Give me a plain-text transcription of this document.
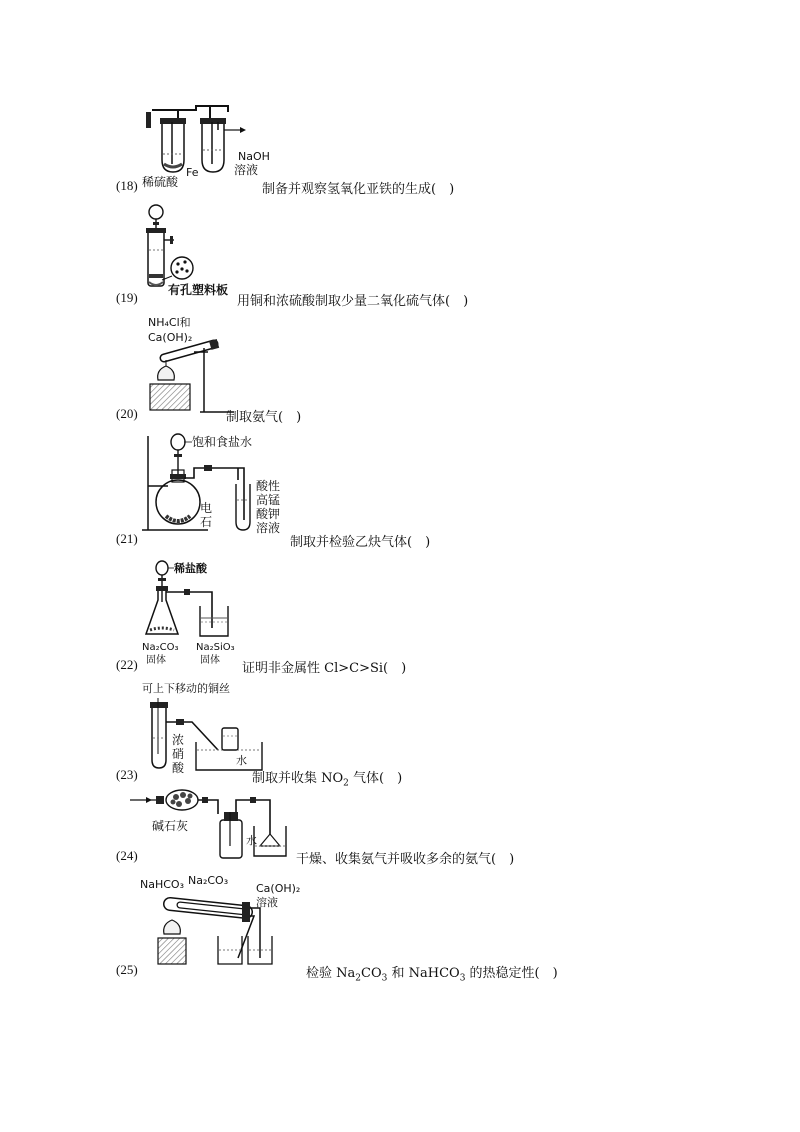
NaOH
溶液
Fe
稀硫酸
(18)	制备并观察氢氧化亚铁的生成( )
有孔塑料板
(19)	用铜和浓硫酸制取少量二氧化硫气体( )
NH₄Cl和
Ca(OH)₂
(20)	制取氨气( )
饱和食盐水
电
石
酸性
高锰
酸钾
溶液
(21)	制取并检验乙炔气体( )
稀盐酸
Na₂CO₃
固体
Na₂SiO₃
固体
(22)	证明非金属性 Cl>C>Si( )
可上下移动的铜丝
浓
硝
酸
水
(23)	制取并收集 $NO_2$ 气体( )
碱石灰
水
(24)	干燥、收集氨气并吸收多余的氨气( )
NaHCO₃ Na₂CO₃
Ca(OH)₂
溶液
(25)	检验 $Na_2CO_3$ 和 NaHCO$_3$ 的热稳定性( )
